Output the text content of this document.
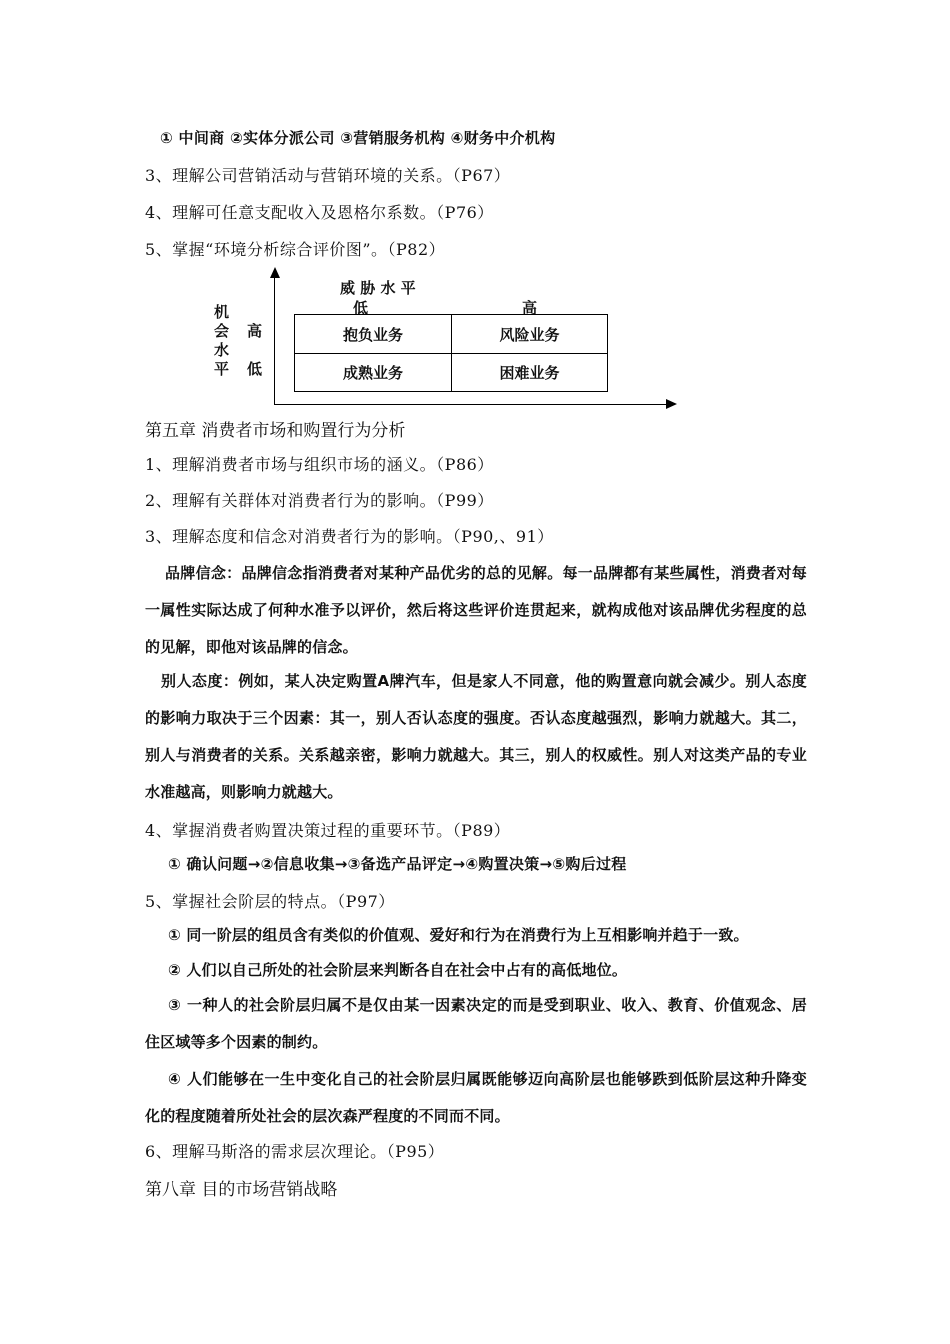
① 中间商 ②实体分派公司 ③营销服务机构 ④财务中介机构
3、理解公司营销活动与营销环境的关系。（P67）
4、理解可任意支配收入及恩格尔系数。（P76）
5、掌握“环境分析综合评价图”。（P82）
威 胁 水 平
低	高
机
会
水
平
高
低
抱负业务	风险业务
成熟业务	困难业务
第五章 消费者市场和购置行为分析
1、理解消费者市场与组织市场的涵义。（P86）
2、理解有关群体对消费者行为的影响。（P99）
3、理解态度和信念对消费者行为的影响。（P90,、91）
品牌信念：品牌信念指消费者对某种产品优劣的总的见解。每一品牌都有某些属性，消费者对每一属性实际达成了何种水准予以评价，然后将这些评价连贯起来，就构成他对该品牌优劣程度的总的见解，即他对该品牌的信念。
别人态度：例如，某人决定购置A牌汽车，但是家人不同意，他的购置意向就会减少。别人态度的影响力取决于三个因素：其一，别人否认态度的强度。否认态度越强烈，影响力就越大。其二，别人与消费者的关系。关系越亲密，影响力就越大。其三，别人的权威性。别人对这类产品的专业水准越高，则影响力就越大。
4、掌握消费者购置决策过程的重要环节。（P89）
① 确认问题→②信息收集→③备选产品评定→④购置决策→⑤购后过程
5、掌握社会阶层的特点。（P97）
① 同一阶层的组员含有类似的价值观、爱好和行为在消费行为上互相影响并趋于一致。
② 人们以自己所处的社会阶层来判断各自在社会中占有的高低地位。
③ 一种人的社会阶层归属不是仅由某一因素决定的而是受到职业、收入、教育、价值观念、居住区域等多个因素的制约。
④ 人们能够在一生中变化自己的社会阶层归属既能够迈向高阶层也能够跌到低阶层这种升降变化的程度随着所处社会的层次森严程度的不同而不同。
6、理解马斯洛的需求层次理论。（P95）
第八章 目的市场营销战略
